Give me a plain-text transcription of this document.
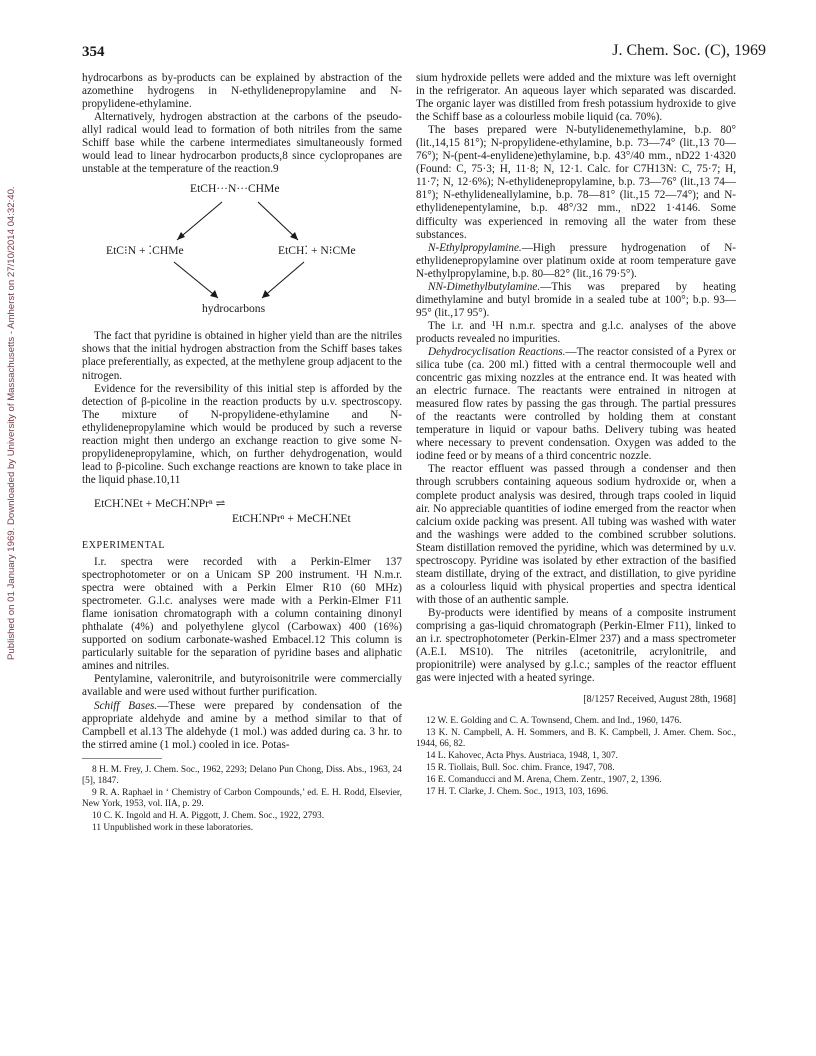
354	J. Chem. Soc. (C), 1969
Published on 01 January 1969. Downloaded by University of Massachusetts - Amherst on 27/10/2014 04:32:40.

hydrocarbons as by-products can be explained by abstraction of the azomethine hydrogens in N-ethylidenepropylamine and N-propylidene-ethylamine.

Alternatively, hydrogen abstraction at the carbons of the pseudo-allyl radical would lead to formation of both nitriles from the same Schiff base while the carbene intermediates simultaneously formed would lead to linear hydrocarbon products,8 since cyclopropanes are unstable at the temperature of the reaction.9

EtCH···N···CHMe
EtC⁝N + ⁚CHMe	EtCH⁚ + N⁝CMe
hydrocarbons

The fact that pyridine is obtained in higher yield than are the nitriles shows that the initial hydrogen abstraction from the Schiff bases takes place preferentially, as expected, at the methylene group adjacent to the nitrogen.

Evidence for the reversibility of this initial step is afforded by the detection of β-picoline in the reaction products by u.v. spectroscopy. The mixture of N-propylidene-ethylamine and N-ethylidenepropylamine which would be produced by such a reverse reaction might then undergo an exchange reaction to give some N-propylidenepropylamine, which, on further dehydrogenation, would lead to β-picoline. Such exchange reactions are known to take place in the liquid phase.10,11

EtCH⁚NEt + MeCH⁚NPrⁿ ⇌
EtCH⁚NPrⁿ + MeCH⁚NEt

EXPERIMENTAL

I.r. spectra were recorded with a Perkin-Elmer 137 spectrophotometer or on a Unicam SP 200 instrument. ¹H N.m.r. spectra were obtained with a Perkin Elmer R10 (60 MHz) spectrometer. G.l.c. analyses were made with a Perkin-Elmer F11 flame ionisation chromatograph with a column containing dinonyl phthalate (4%) and polyethylene glycol (Carbowax) 400 (16%) supported on sodium carbonate-washed Embacel.12 This column is particularly suitable for the separation of pyridine bases and aliphatic amines and nitriles.

Pentylamine, valeronitrile, and butyroisonitrile were commercially available and were used without further purification.

Schiff Bases.—These were prepared by condensation of the appropriate aldehyde and amine by a method similar to that of Campbell et al.13 The aldehyde (1 mol.) was added during ca. 3 hr. to the stirred amine (1 mol.) cooled in ice. Potas-

8 H. M. Frey, J. Chem. Soc., 1962, 2293; Delano Pun Chong, Diss. Abs., 1963, 24 [5], 1847.

9 R. A. Raphael in ‘ Chemistry of Carbon Compounds,’ ed. E. H. Rodd, Elsevier, New York, 1953, vol. IIA, p. 29.

10 C. K. Ingold and H. A. Piggott, J. Chem. Soc., 1922, 2793.

11 Unpublished work in these laboratories.

sium hydroxide pellets were added and the mixture was left overnight in the refrigerator. An aqueous layer which separated was discarded. The organic layer was distilled from fresh potassium hydroxide to give the Schiff base as a colourless mobile liquid (ca. 70%).

The bases prepared were N-butylidenemethylamine, b.p. 80° (lit.,14,15 81°); N-propylidene-ethylamine, b.p. 73—74° (lit.,13 70—76°); N-(pent-4-enylidene)ethylamine, b.p. 43°/40 mm., nD22 1·4320 (Found: C, 75·3; H, 11·8; N, 12·1. Calc. for C7H13N: C, 75·7; H, 11·7; N, 12·6%); N-ethylidenepropylamine, b.p. 73—76° (lit.,13 74—81°); N-ethylideneallylamine, b.p. 78—81° (lit.,15 72—74°); and N-ethylidenepentylamine, b.p. 48°/32 mm., nD22 1·4146. Some difficulty was experienced in removing all the water from these substances.

N-Ethylpropylamine.—High pressure hydrogenation of N-ethylidenepropylamine over platinum oxide at room temperature gave N-ethylpropylamine, b.p. 80—82° (lit.,16 79·5°).

NN-Dimethylbutylamine.—This was prepared by heating dimethylamine and butyl bromide in a sealed tube at 100°; b.p. 93—95° (lit.,17 95°).

The i.r. and ¹H n.m.r. spectra and g.l.c. analyses of the above products revealed no impurities.

Dehydrocyclisation Reactions.—The reactor consisted of a Pyrex or silica tube (ca. 200 ml.) fitted with a central thermocouple well and concentric gas mixing nozzles at the entrance end. It was heated with an electric furnace. The reactants were entrained in nitrogen at measured flow rates by passing the gas through. The partial pressures of the reactants were controlled by holding them at constant temperature in liquid or vapour baths. Delivery tubing was heated where necessary to prevent condensation. Oxygen was added to the iodine feed or by means of a third concentric nozzle.

The reactor effluent was passed through a condenser and then through scrubbers containing aqueous sodium hydroxide or, when a complete product analysis was desired, through traps cooled in liquid air. No appreciable quantities of iodine emerged from the reactor when calcium oxide packing was present. All tubing was washed with water and the washings were added to the combined scrubber solutions. Steam distillation removed the pyridine, which was determined by u.v. spectroscopy. Pyridine was isolated by ether extraction of the basified steam distillate, drying of the extract, and distillation, to give pyridine as a colourless liquid with physical properties and spectra identical with those of an authentic sample.

By-products were identified by means of a composite instrument comprising a gas-liquid chromatograph (Perkin-Elmer F11), linked to an i.r. spectrophotometer (Perkin-Elmer 237) and a mass spectrometer (A.E.I. MS10). The nitriles (acetonitrile, acrylonitrile, and propionitrile) were analysed by g.l.c.; samples of the reactor effluent gas were injected with a heated syringe.

[8/1257 Received, August 28th, 1968]

12 W. E. Golding and C. A. Townsend, Chem. and Ind., 1960, 1476.

13 K. N. Campbell, A. H. Sommers, and B. K. Campbell, J. Amer. Chem. Soc., 1944, 66, 82.

14 L. Kahovec, Acta Phys. Austriaca, 1948, 1, 307.

15 R. Tiollais, Bull. Soc. chim. France, 1947, 708.

16 E. Comanducci and M. Arena, Chem. Zentr., 1907, 2, 1396.

17 H. T. Clarke, J. Chem. Soc., 1913, 103, 1696.
